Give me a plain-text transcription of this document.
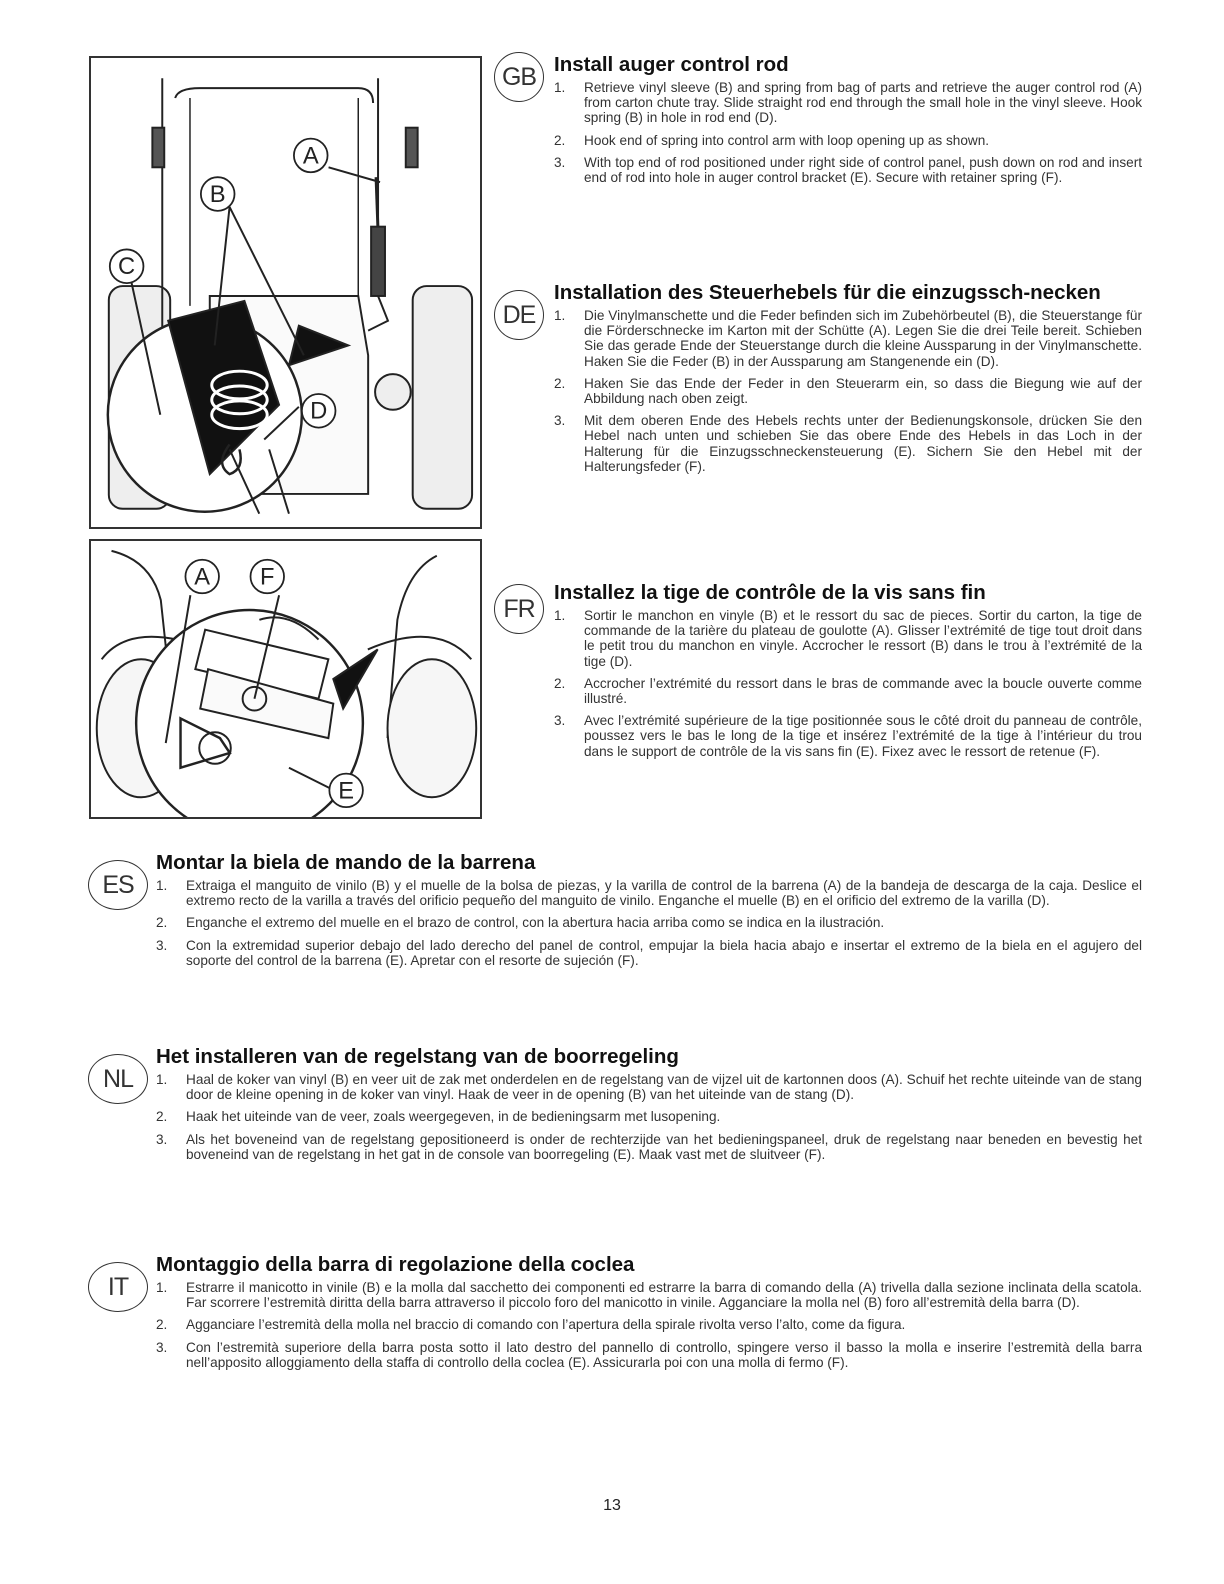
A
B
C
D
A F
E
GB Install auger control rod
1. Retrieve vinyl sleeve (B) and spring from bag of parts and retrieve the auger control rod (A) from carton chute tray. Slide straight rod end through the small hole in the vinyl sleeve. Hook spring (B) in hole in rod end (D).
2. Hook end of spring into control arm with loop opening up as shown.
3. With top end of rod positioned under right side of control panel, push down on rod and insert end of rod into hole in auger control bracket (E). Secure with retainer spring (F).
DE
Installation des Steuerhebels für die einzugssch-necken
1. Die Vinylmanschette und die Feder befinden sich im Zubehörbeutel (B), die Steuerstange für die Förderschnecke im Karton mit der Schütte (A). Legen Sie die drei Teile bereit. Schieben Sie das gerade Ende der Steuerstange durch die kleine Aussparung in der Vinylmanschette. Haken Sie die Feder (B) in der Aussparung am Stangenende ein (D).
2. Haken Sie das Ende der Feder in den Steuerarm ein, so dass die Biegung wie auf der Abbildung nach oben zeigt.
3. Mit dem oberen Ende des Hebels rechts unter der Bedienungskonsole, drücken Sie den Hebel nach unten und schieben Sie das obere Ende des Hebels in das Loch in der Halterung für die Einzugsschneckensteuerung (E). Sichern Sie den Hebel mit der Halterungsfeder (F).
FR
Installez la tige de contrôle de la vis sans fin
1. Sortir le manchon en vinyle (B) et le ressort du sac de pieces. Sortir du carton, la tige de commande de la tarière du plateau de goulotte (A). Glisser l’extrémité de tige tout droit dans le petit trou du manchon en vinyle. Accrocher le ressort (B) dans le trou à l’extrémité de la tige (D).
2. Accrocher l’extrémité du ressort dans le bras de commande avec la boucle ouverte comme illustré.
3. Avec l’extrémité supérieure de la tige positionnée sous le côté droit du panneau de contrôle, poussez vers le bas le long de la tige et insérez l’extrémité de la tige à l’intérieur du trou dans le support de contrôle de la vis sans fin (E). Fixez avec le ressort de retenue (F).
ES
Montar la biela de mando de la barrena
1. Extraiga el manguito de vinilo (B) y el muelle de la bolsa de piezas, y la varilla de control de la barrena (A) de la bandeja de descarga de la caja. Deslice el extremo recto de la varilla a través del orificio pequeño del manguito de vinilo. Enganche el muelle (B) en el orificio del extremo de la varilla (D).
2. Enganche el extremo del muelle en el brazo de control, con la abertura hacia arriba como se indica en la ilustración.
3. Con la extremidad superior debajo del lado derecho del panel de control, empujar la biela hacia abajo e insertar el extremo de la biela en el agujero del soporte del control de la barrena (E). Apretar con el resorte de sujeción (F).
NL
Het installeren van de regelstang van de boorregeling
1. Haal de koker van vinyl (B) en veer uit de zak met onderdelen en de regelstang van de vijzel uit de kartonnen doos (A). Schuif het rechte uiteinde van de stang door de kleine opening in de koker van vinyl. Haak de veer in de opening (B) van het uiteinde van de stang (D).
2. Haak het uiteinde van de veer, zoals weergegeven, in de bedieningsarm met lusopening.
3. Als het boveneind van de regelstang gepositioneerd is onder de rechterzijde van het bedieningspaneel, druk de regelstang naar beneden en bevestig het boveneind van de regelstang in het gat in de console van boorregeling (E). Maak vast met de sluitveer (F).
IT
Montaggio della barra di regolazione della coclea
1. Estrarre il manicotto in vinile (B) e la molla dal sacchetto dei componenti ed estrarre la barra di comando della (A) trivella dalla sezione inclinata della scatola. Far scorrere l’estremità diritta della barra attraverso il piccolo foro del manicotto in vinile. Agganciare la molla nel (B) foro all’estremità della barra (D).
2. Agganciare l’estremità della molla nel braccio di comando con l’apertura della spirale rivolta verso l’alto, come da figura.
3. Con l’estremità superiore della barra posta sotto il lato destro del pannello di controllo, spingere verso il basso la molla e inserire l’estremità della barra nell’apposito alloggiamento della staffa di controllo della coclea (E). Assicurarla poi con una molla di fermo (F).
13
